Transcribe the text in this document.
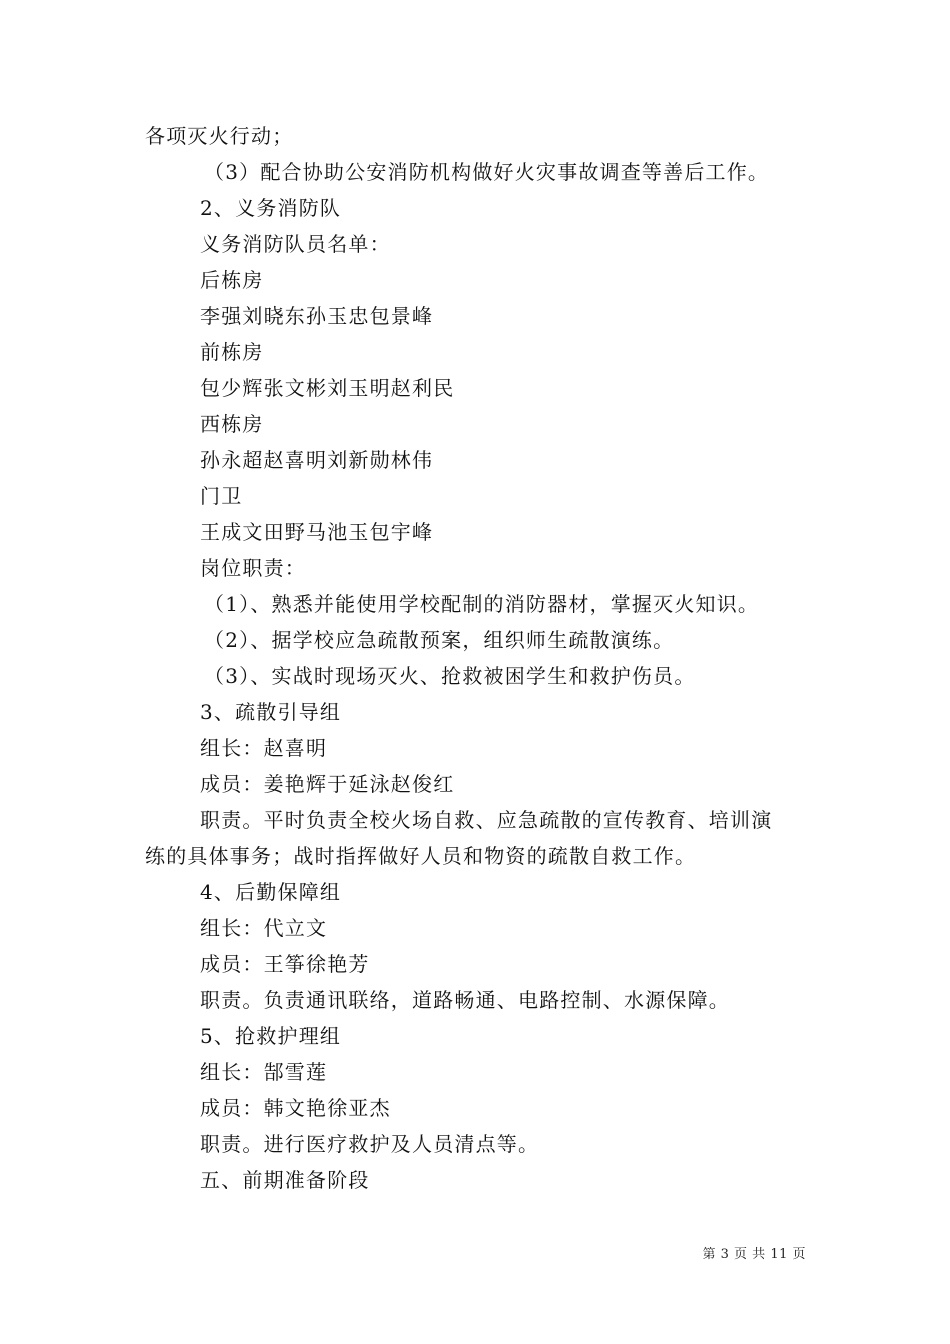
各项灭火行动；
（3）配合协助公安消防机构做好火灾事故调查等善后工作。
2、义务消防队
义务消防队员名单：
后栋房
李强刘晓东孙玉忠包景峰
前栋房
包少辉张文彬刘玉明赵利民
西栋房
孙永超赵喜明刘新勋林伟
门卫
王成文田野马池玉包宇峰
岗位职责：
（1）、熟悉并能使用学校配制的消防器材，掌握灭火知识。
（2）、据学校应急疏散预案，组织师生疏散演练。
（3）、实战时现场灭火、抢救被困学生和救护伤员。
3、疏散引导组
组长：赵喜明
成员：姜艳辉于延泳赵俊红
职责。平时负责全校火场自救、应急疏散的宣传教育、培训演
练的具体事务；战时指挥做好人员和物资的疏散自救工作。
4、后勤保障组
组长：代立文
成员：王筝徐艳芳
职责。负责通讯联络，道路畅通、电路控制、水源保障。
5、抢救护理组
组长：郜雪莲
成员：韩文艳徐亚杰
职责。进行医疗救护及人员清点等。
五、前期准备阶段
第 3 页 共 11 页
